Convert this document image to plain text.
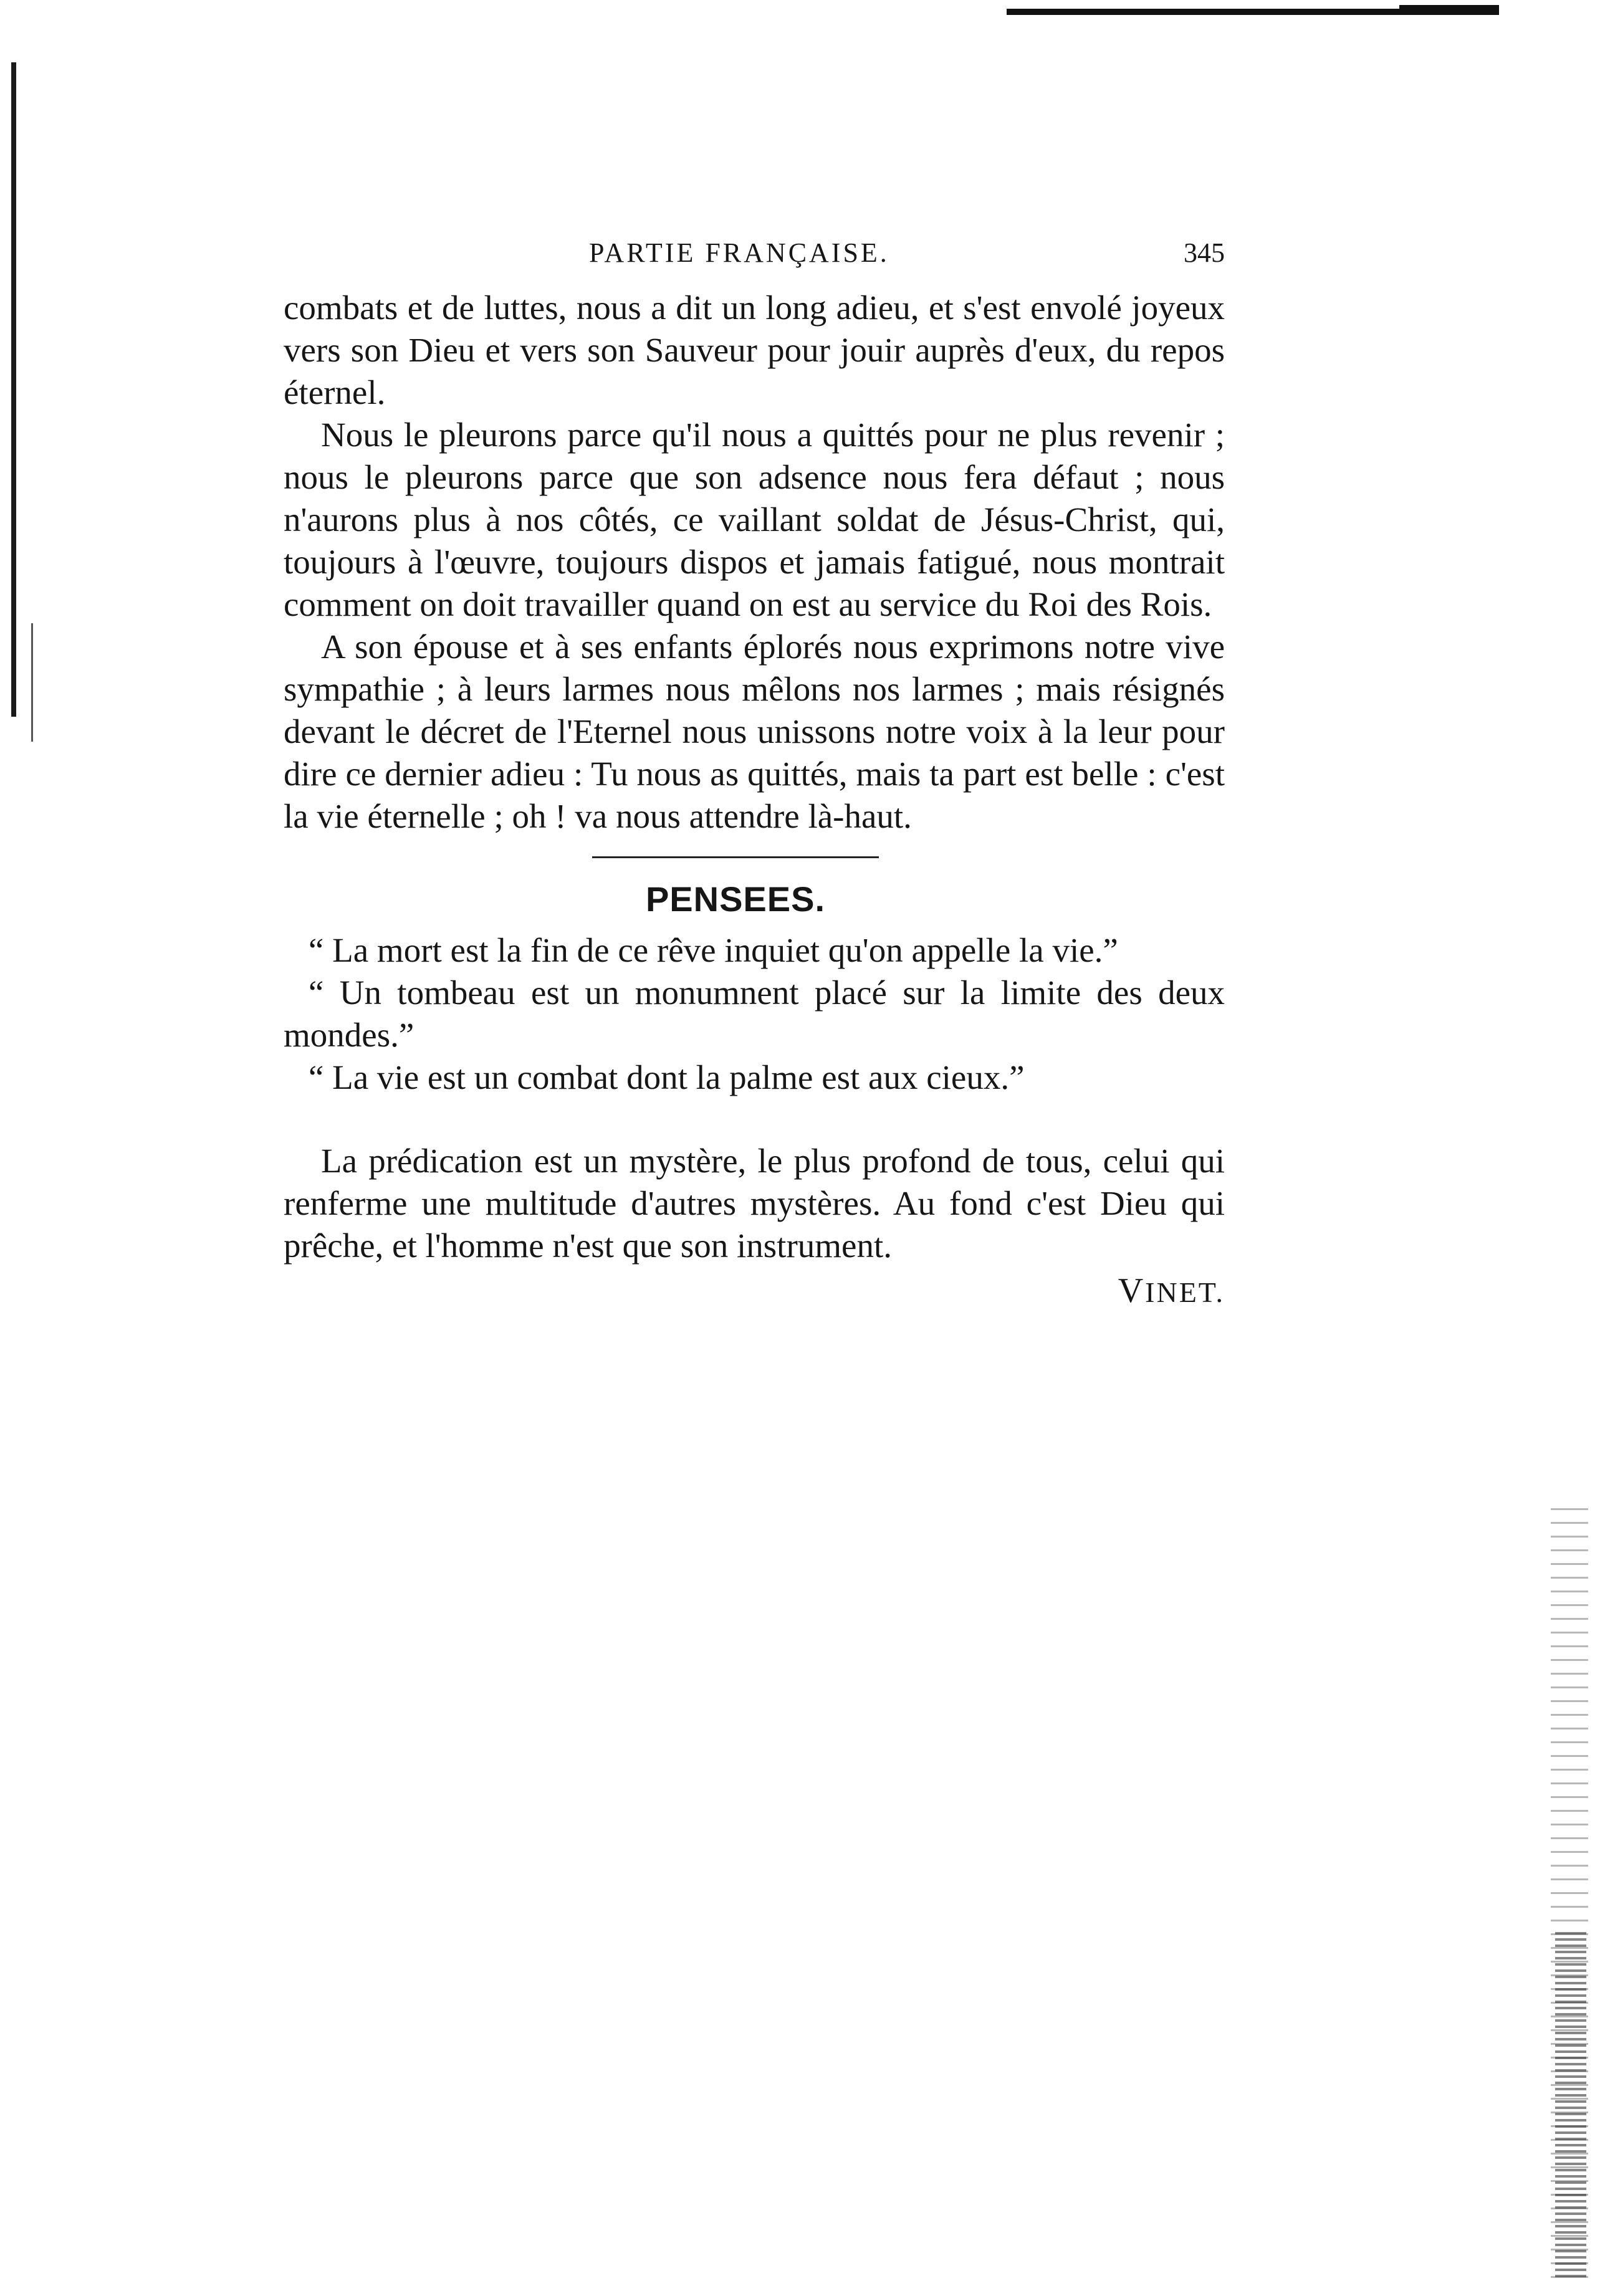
PARTIE FRANÇAISE.	345

combats et de luttes, nous a dit un long adieu, et s'est envolé joyeux vers son Dieu et vers son Sauveur pour jouir auprès d'eux, du repos éternel.

Nous le pleurons parce qu'il nous a quittés pour ne plus revenir ; nous le pleurons parce que son adsence nous fera défaut ; nous n'aurons plus à nos côtés, ce vaillant soldat de Jésus-Christ, qui, toujours à l'œuvre, toujours dispos et jamais fatigué, nous montrait comment on doit travailler quand on est au service du Roi des Rois.

A son épouse et à ses enfants éplorés nous exprimons notre vive sympathie ; à leurs larmes nous mêlons nos larmes ; mais résignés devant le décret de l'Eternel nous unissons notre voix à la leur pour dire ce dernier adieu : Tu nous as quittés, mais ta part est belle : c'est la vie éternelle ; oh ! va nous attendre là-haut.

PENSEES.

“ La mort est la fin de ce rêve inquiet qu'on appelle la vie.”

“ Un tombeau est un monumnent placé sur la limite des deux mondes.”

“ La vie est un combat dont la palme est aux cieux.”

La prédication est un mystère, le plus profond de tous, celui qui renferme une multitude d'autres mystères. Au fond c'est Dieu qui prêche, et l'homme n'est que son instrument.

VINET.
